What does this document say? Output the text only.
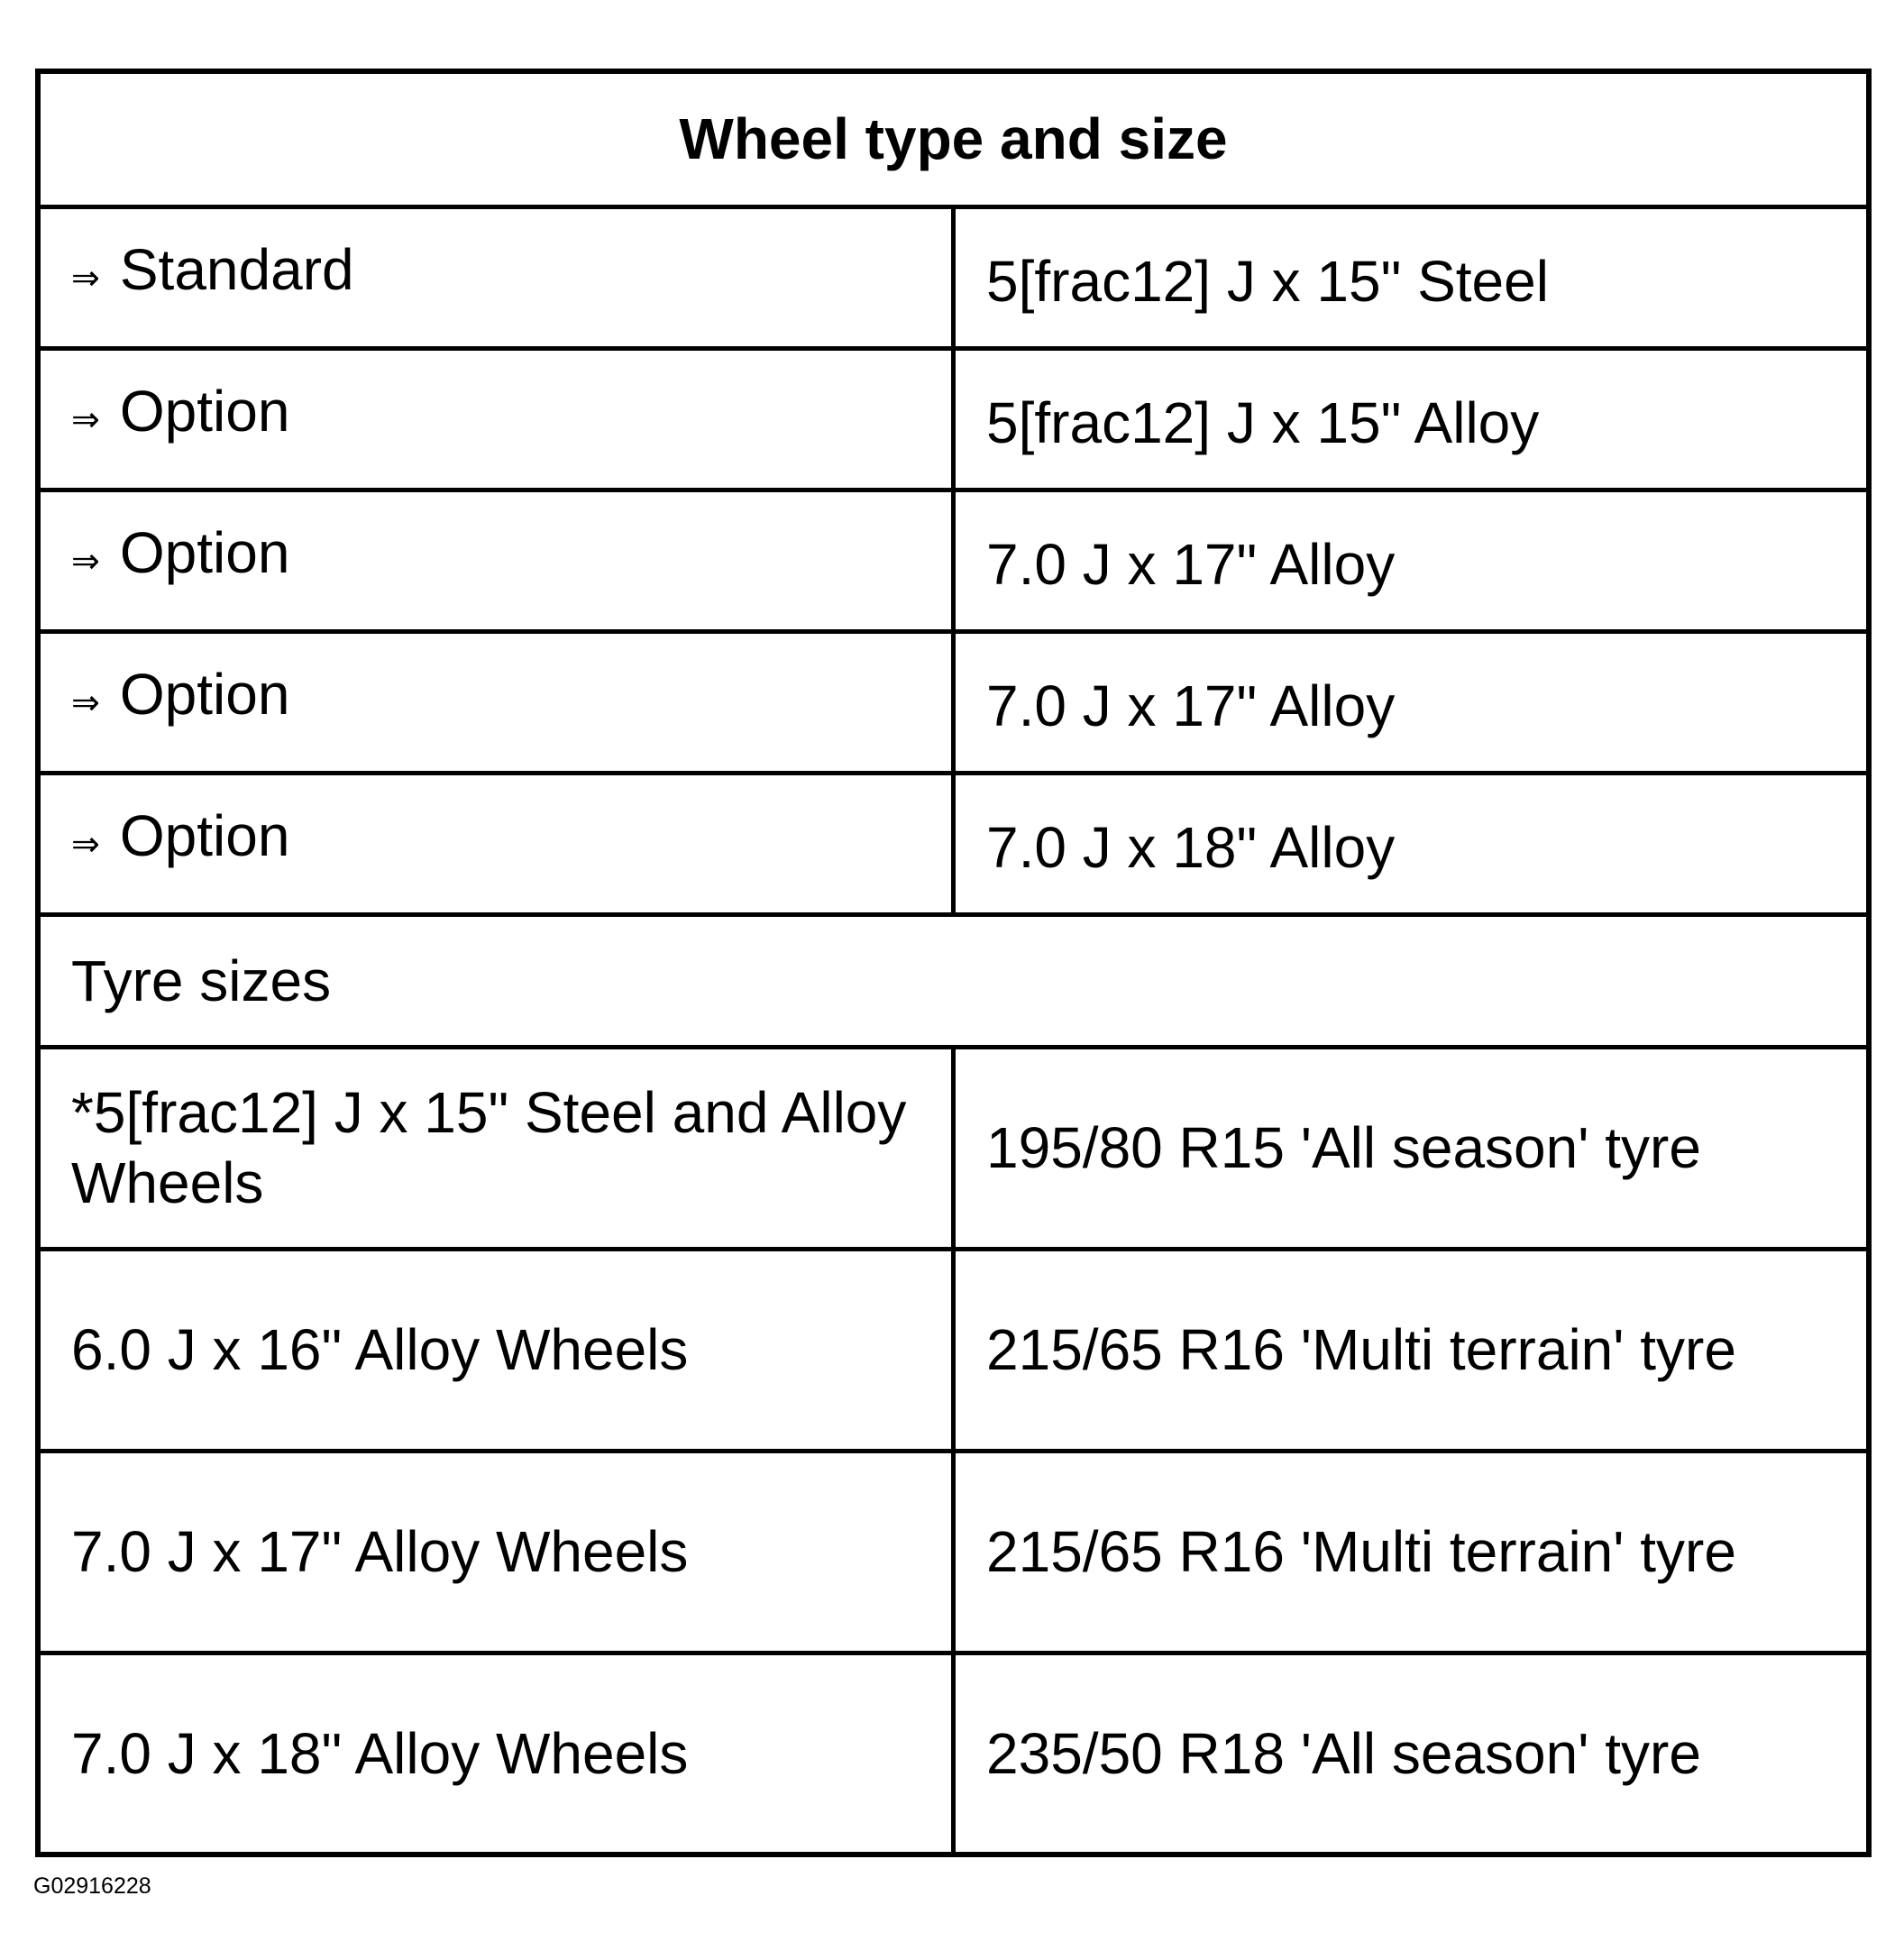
Wheel type and size	
⇒ Standard	5[frac12] J x 15" Steel
⇒ Option	5[frac12] J x 15" Alloy
⇒ Option	7.0 J x 17" Alloy
⇒ Option	7.0 J x 17" Alloy
⇒ Option	7.0 J x 18" Alloy
Tyre sizes	
*5[frac12] J x 15" Steel and Alloy Wheels	195/80 R15 'All season' tyre
6.0 J x 16" Alloy Wheels	215/65 R16 'Multi terrain' tyre
7.0 J x 17" Alloy Wheels	215/65 R16 'Multi terrain' tyre
7.0 J x 18" Alloy Wheels	235/50 R18 'All season' tyre
G02916228
